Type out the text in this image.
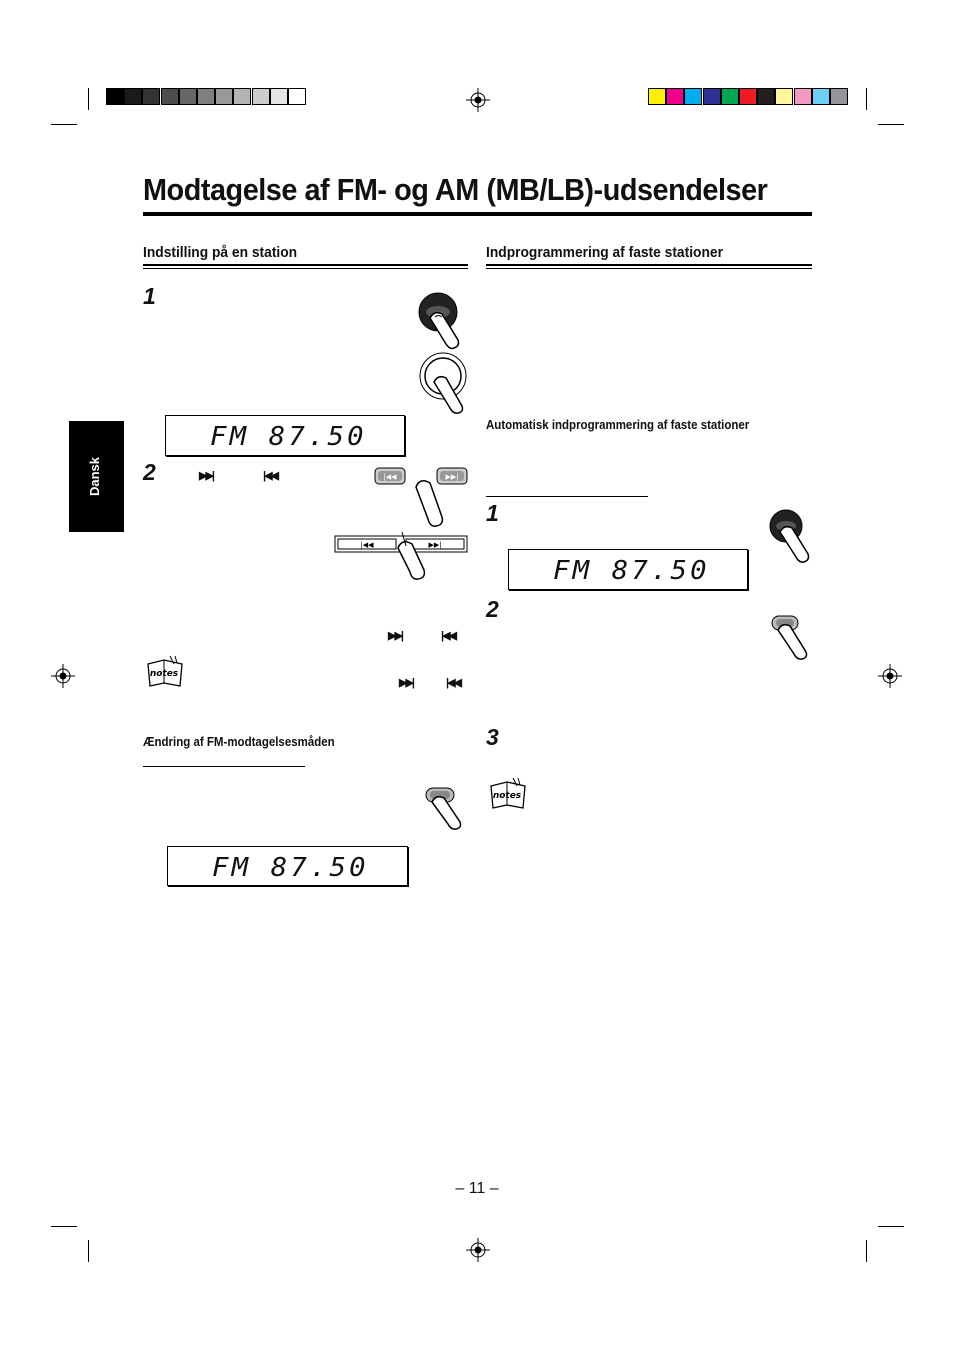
Modtagelse af FM- og AM (MB/LB)-udsendelser
Dansk
Indstilling på en station
1
FM 87.50
2	▶▶|	|◀◀	|◀◀	▶▶|
|◀◀	▶▶|
▶▶|	|◀◀
notes
▶▶|	|◀◀
Ændring af FM-modtagelsesmåden
FM 87.50
Indprogrammering af faste stationer
Automatisk indprogrammering af faste stationer
1
FM 87.50
2
3
notes
– 11 –
